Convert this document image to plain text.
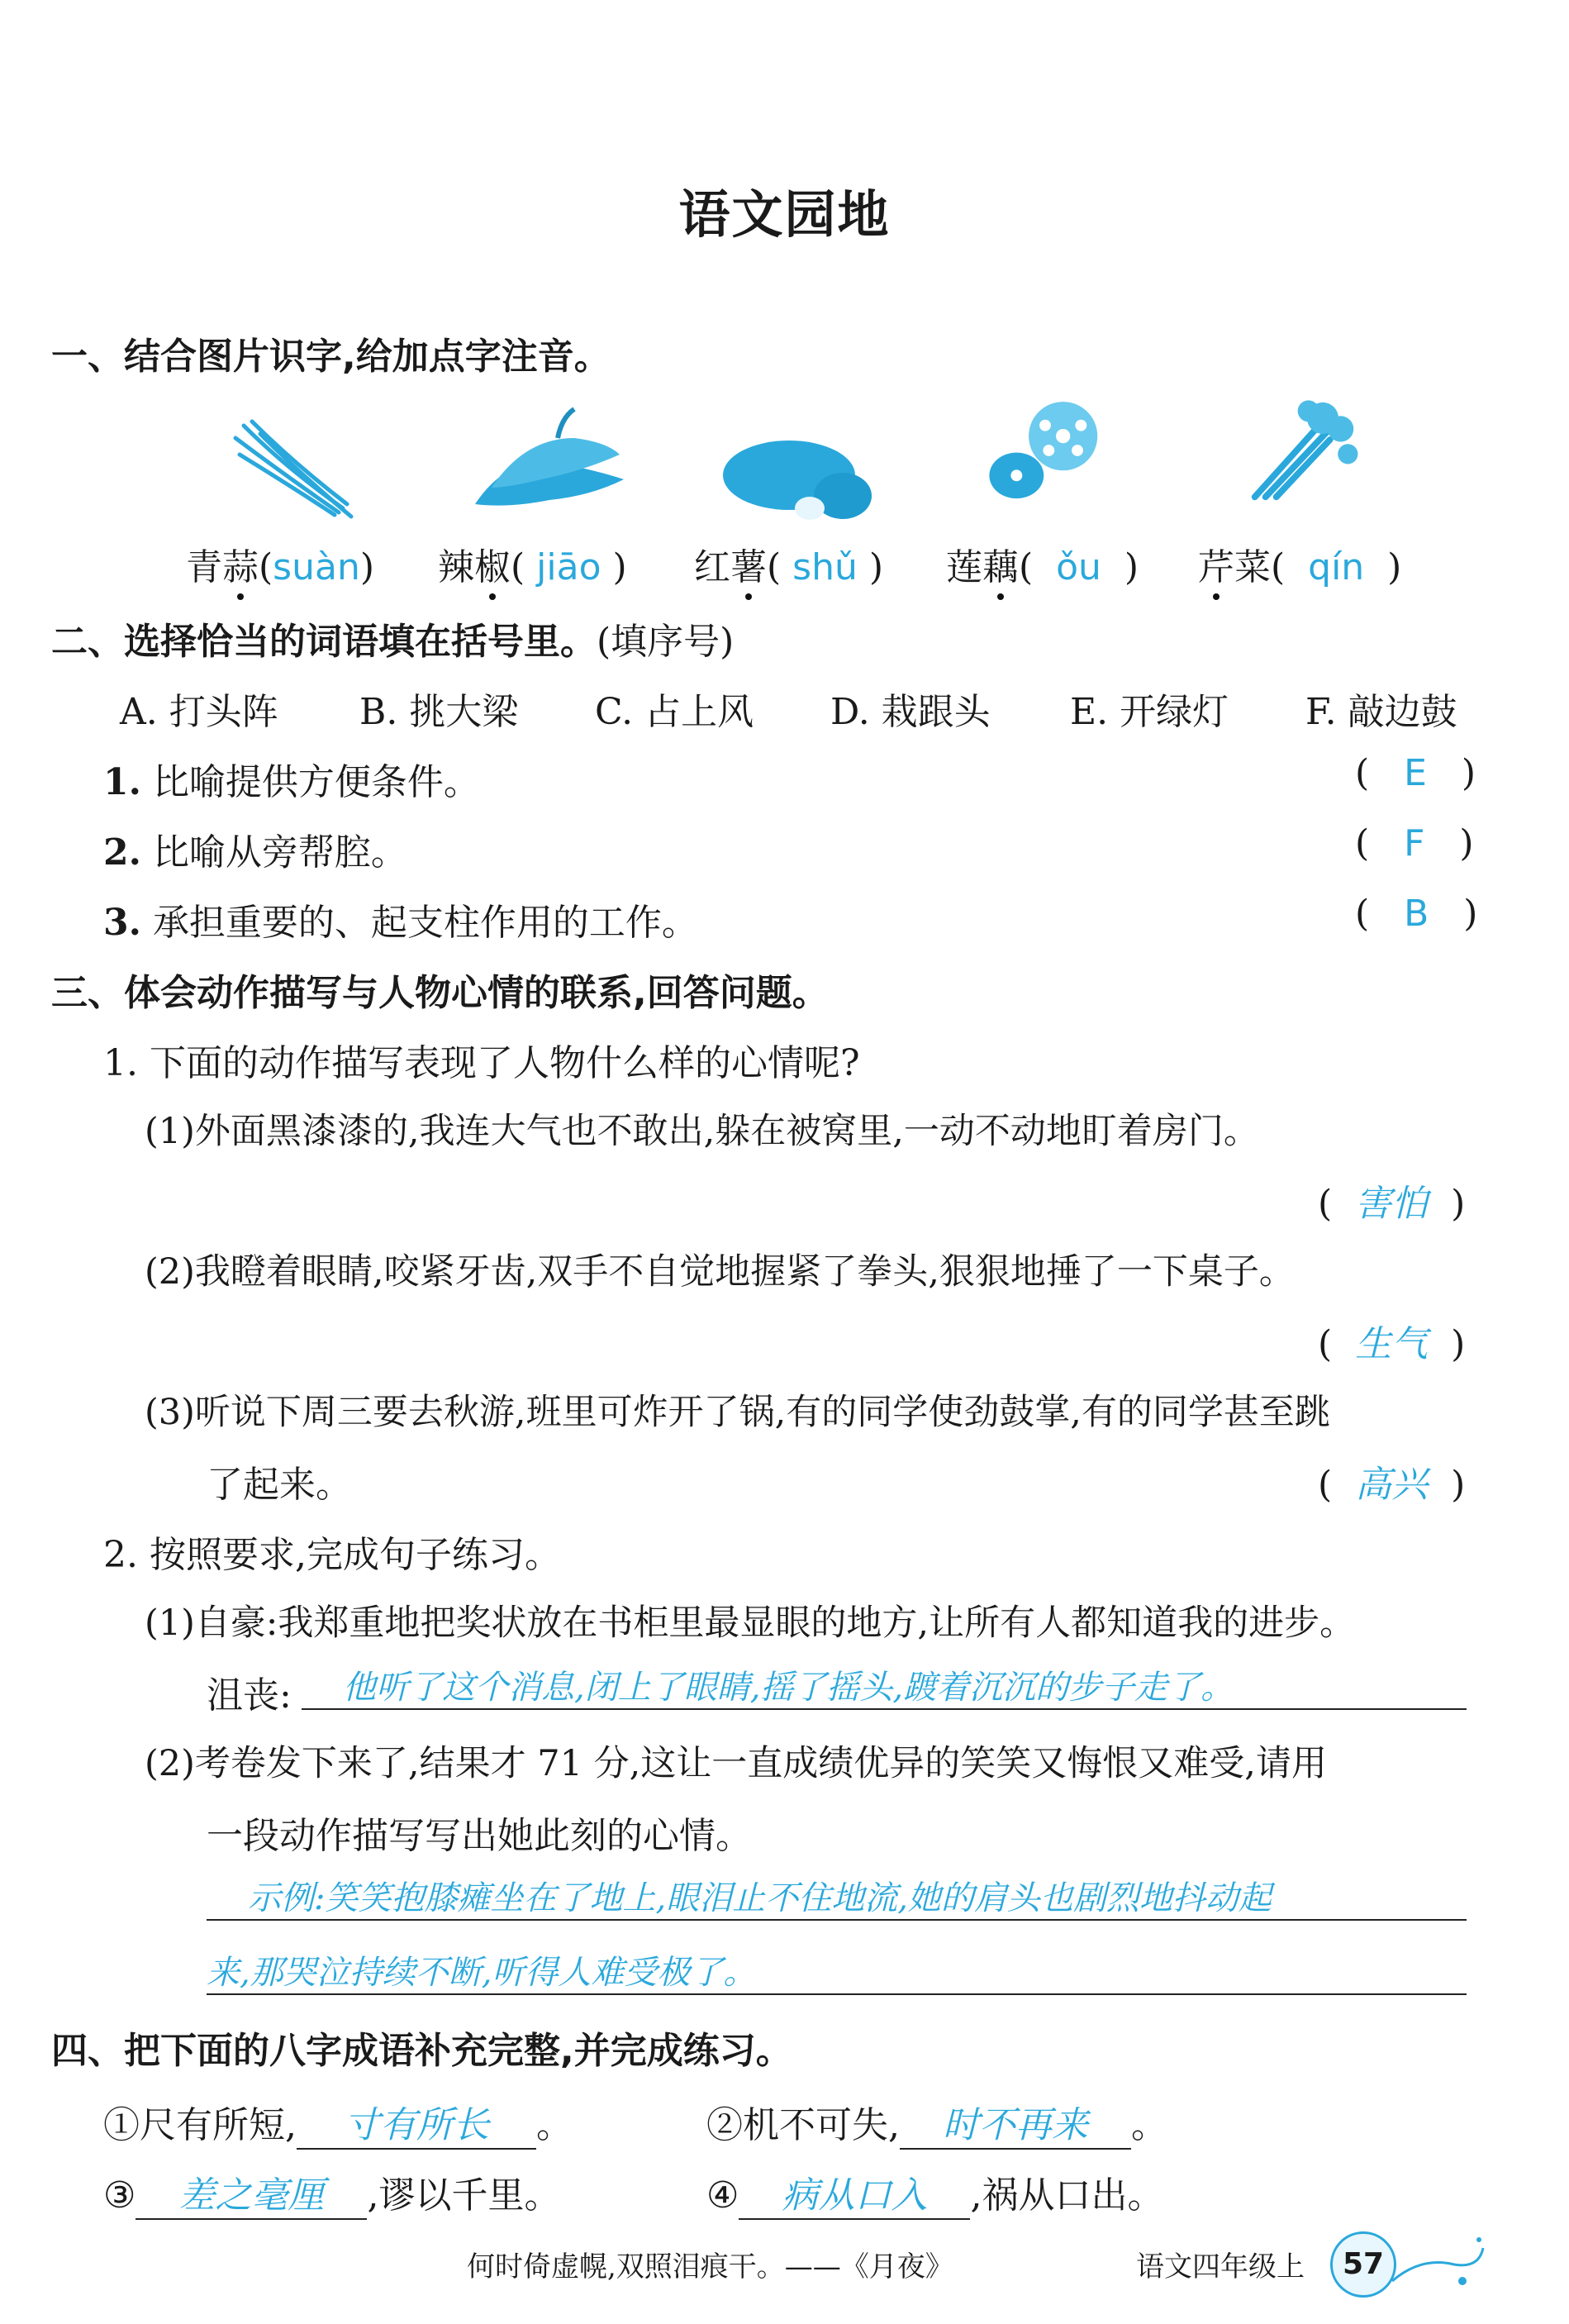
语文园地
一、结合图片识字,给加点字注音。
青蒜(suàn) 辣椒( jiāo ) 红薯( shǔ ) 莲藕(  ǒu  ) 芹菜(  qín  )
二、选择恰当的词语填在括号里。(填序号)
A. 打头阵 B. 挑大梁 C. 占上风 D. 栽跟头 E. 开绿灯 F. 敲边鼓
1. 比喻提供方便条件。	(   E   )
2. 比喻从旁帮腔。	(   F   )
3. 承担重要的、起支柱作用的工作。	(   B   )
三、体会动作描写与人物心情的联系,回答问题。
1. 下面的动作描写表现了人物什么样的心情呢?
(1)外面黑漆漆的,我连大气也不敢出,躲在被窝里,一动不动地盯着房门。
(  害怕  )
(2)我瞪着眼睛,咬紧牙齿,双手不自觉地握紧了拳头,狠狠地捶了一下桌子。
(  生气  )
(3)听说下周三要去秋游,班里可炸开了锅,有的同学使劲鼓掌,有的同学甚至跳
了起来。	(  高兴  )
2. 按照要求,完成句子练习。
(1)自豪:我郑重地把奖状放在书柜里最显眼的地方,让所有人都知道我的进步。
沮丧:	他听了这个消息,闭上了眼睛,摇了摇头,踱着沉沉的步子走了。
(2)考卷发下来了,结果才 71 分,这让一直成绩优异的笑笑又悔恨又难受,请用
一段动作描写写出她此刻的心情。
示例:笑笑抱膝瘫坐在了地上,眼泪止不住地流,她的肩头也剧烈地抖动起
来,那哭泣持续不断,听得人难受极了。
四、把下面的八字成语补充完整,并完成练习。
①尺有所短, 寸有所长 。	②机不可失, 时不再来 。
③ 差之毫厘 ,谬以千里。	④ 病从口入 ,祸从口出。
何时倚虚幌,双照泪痕干。——《月夜》	语文四年级上	57
